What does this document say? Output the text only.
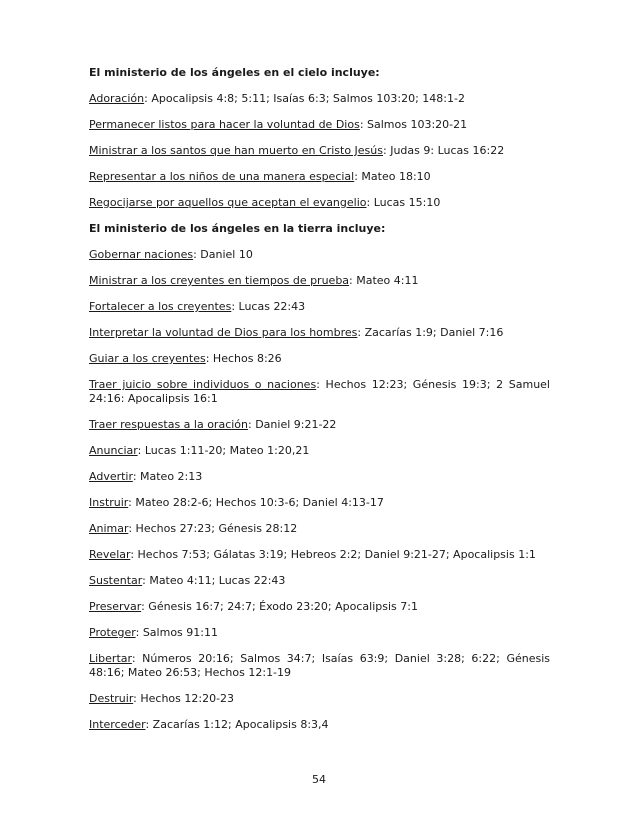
El ministerio de los ángeles en el cielo incluye:
Adoración: Apocalipsis 4:8; 5:11; Isaías 6:3; Salmos 103:20; 148:1-2
Permanecer listos para hacer la voluntad de Dios: Salmos 103:20-21
Ministrar a los santos que han muerto en Cristo Jesús: Judas 9: Lucas 16:22
Representar a los niños de una manera especial: Mateo 18:10
Regocijarse por aquellos que aceptan el evangelio: Lucas 15:10
El ministerio de los ángeles en la tierra incluye:
Gobernar naciones: Daniel 10
Ministrar a los creyentes en tiempos de prueba: Mateo 4:11
Fortalecer a los creyentes: Lucas 22:43
Interpretar la voluntad de Dios para los hombres: Zacarías 1:9; Daniel 7:16
Guiar a los creyentes: Hechos 8:26
Traer juicio sobre individuos o naciones: Hechos 12:23; Génesis 19:3; 2 Samuel 24:16: Apocalipsis 16:1
Traer respuestas a la oración: Daniel 9:21-22
Anunciar: Lucas 1:11-20; Mateo 1:20,21
Advertir: Mateo 2:13
Instruir: Mateo 28:2-6; Hechos 10:3-6; Daniel 4:13-17
Animar: Hechos 27:23; Génesis 28:12
Revelar: Hechos 7:53; Gálatas 3:19; Hebreos 2:2; Daniel 9:21-27; Apocalipsis 1:1
Sustentar: Mateo 4:11; Lucas 22:43
Preservar: Génesis 16:7; 24:7; Éxodo 23:20; Apocalipsis 7:1
Proteger: Salmos 91:11
Libertar: Números 20:16; Salmos 34:7; Isaías 63:9; Daniel 3:28; 6:22; Génesis 48:16; Mateo 26:53; Hechos 12:1-19
Destruir: Hechos 12:20-23
Interceder: Zacarías 1:12; Apocalipsis 8:3,4
54
